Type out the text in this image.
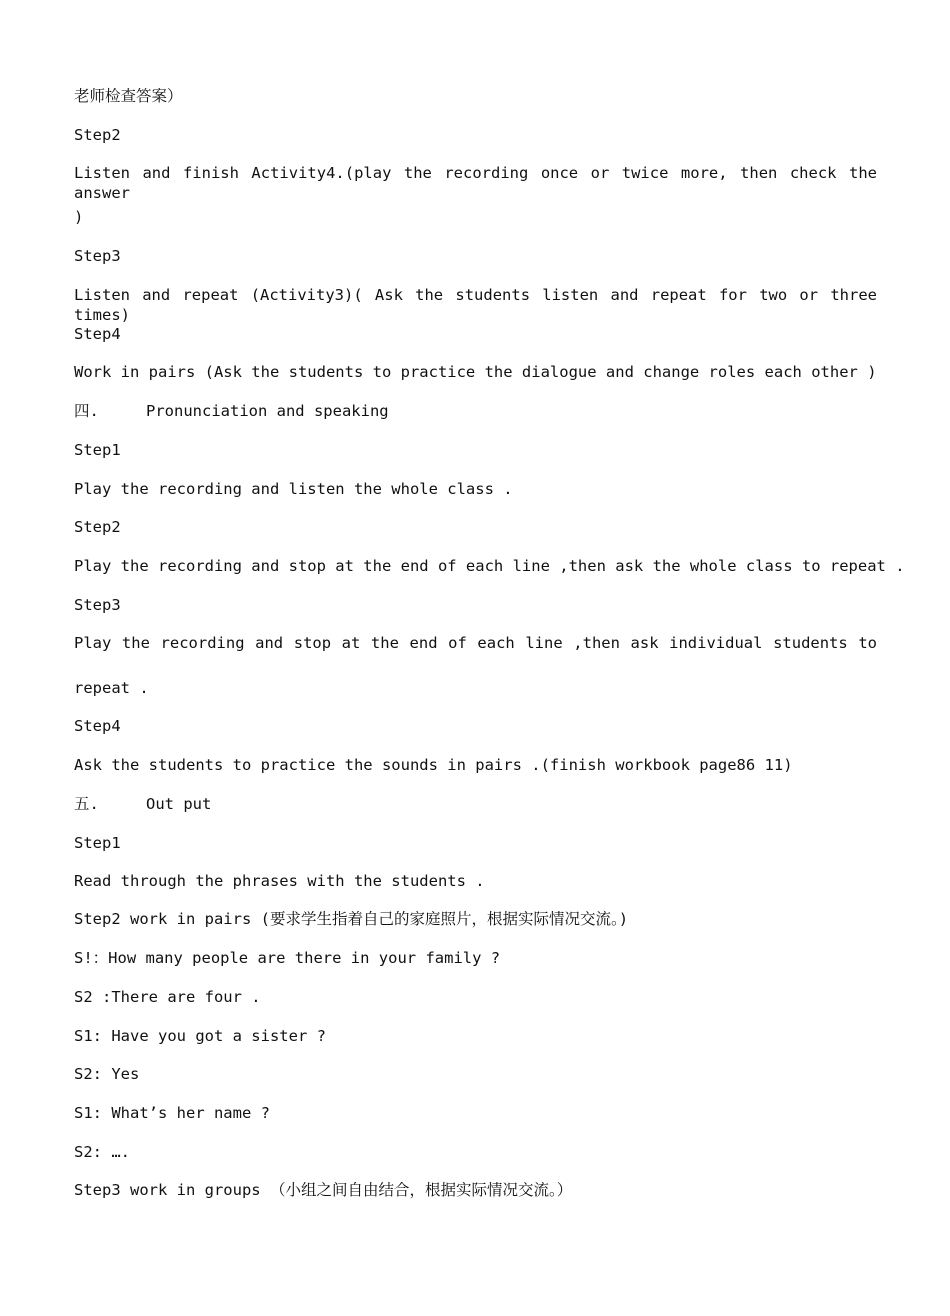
老师检查答案）
Step2
Listen and finish Activity4.(play the recording once or twice more, then check the answer
)
Step3
Listen and repeat (Activity3)( Ask the students listen and repeat for two or three times)
Step4
Work in pairs (Ask the students to practice the dialogue and change roles each other )
四.	Pronunciation and speaking
Step1
Play the recording and listen the whole class .
Step2
Play the recording and stop at the end of each line ,then ask the whole class to repeat .
Step3
Play the recording and stop at the end of each line ,then ask individual students to
repeat .
Step4
Ask the students to practice the sounds in pairs .(finish workbook page86 11)
五.	Out put
Step1
Read through the phrases with the students .
Step2 work in pairs (要求学生指着自己的家庭照片，根据实际情况交流。)
S!：How many people are there in your family ?
S2 :There are four .
S1: Have you got a sister ?
S2: Yes
S1: What’s her name ?
S2: ….
Step3 work in groups （小组之间自由结合，根据实际情况交流。）
